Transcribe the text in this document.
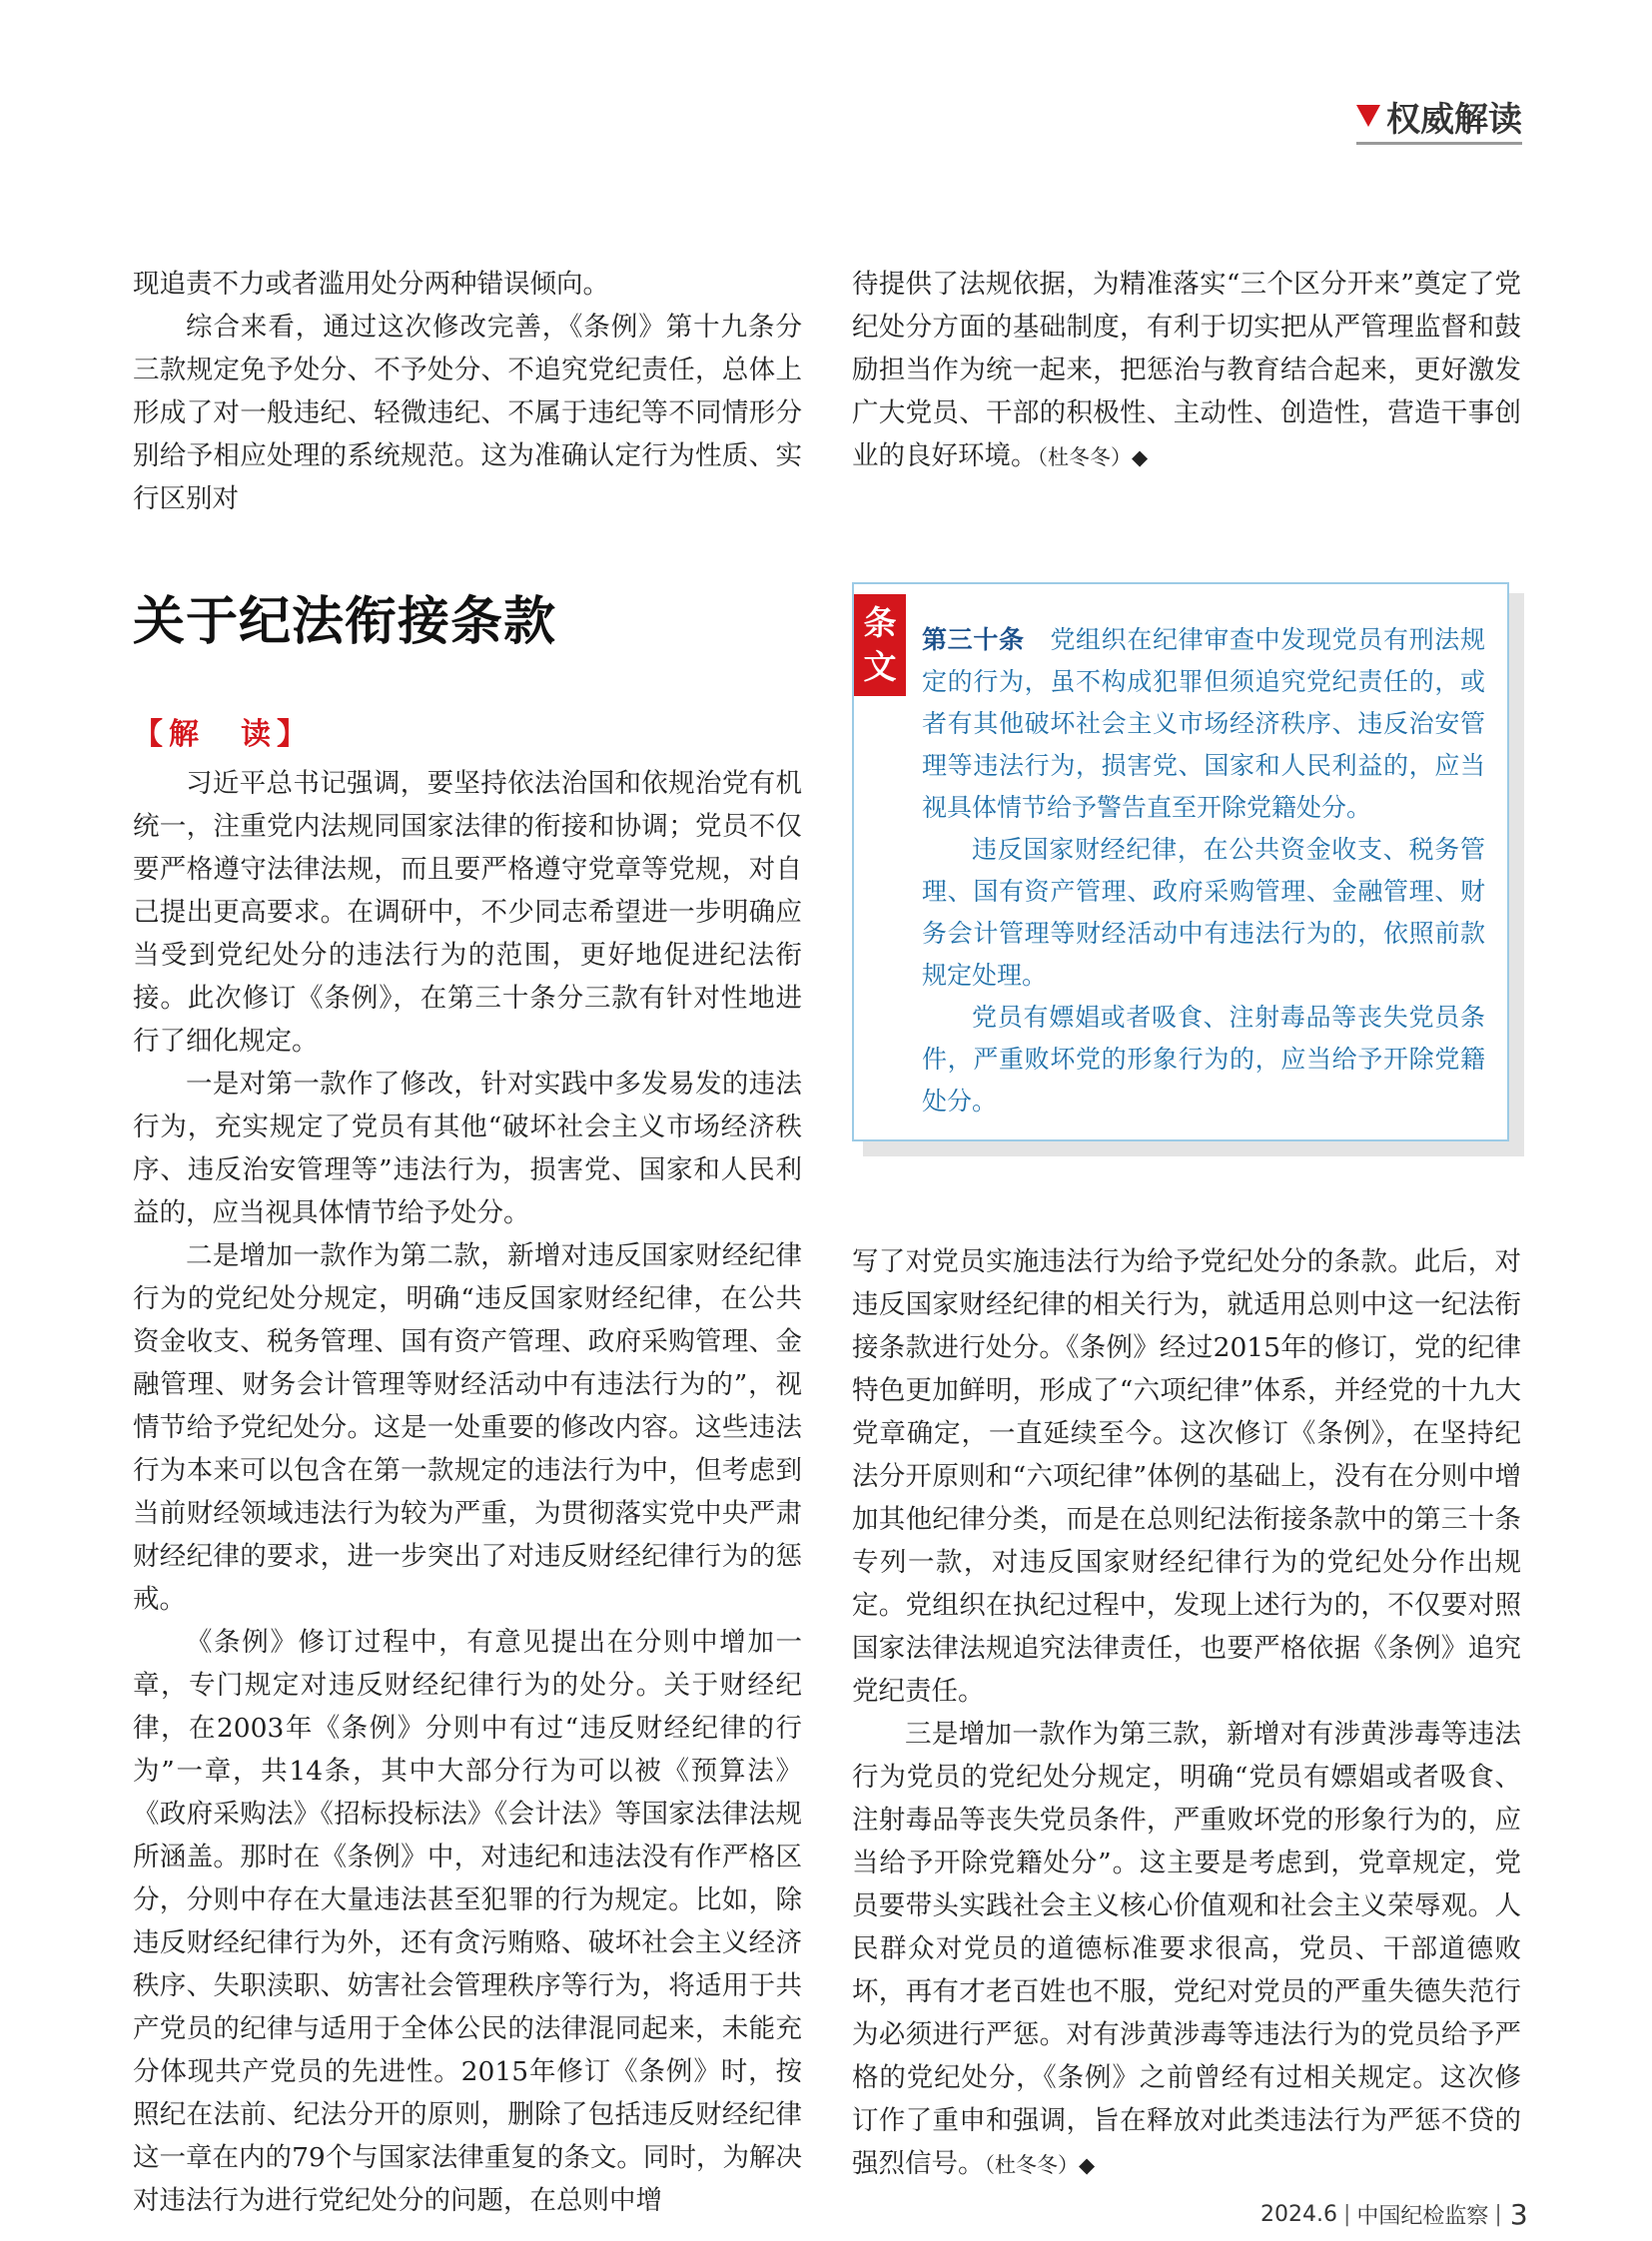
权威解读

现追责不力或者滥用处分两种错误倾向。

综合来看，通过这次修改完善，《条例》第十九条分三款规定免予处分、不予处分、不追究党纪责任，总体上形成了对一般违纪、轻微违纪、不属于违纪等不同情形分别给予相应处理的系统规范。这为准确认定行为性质、实行区别对

待提供了法规依据，为精准落实“三个区分开来”奠定了党纪处分方面的基础制度，有利于切实把从严管理监督和鼓励担当作为统一起来，把惩治与教育结合起来，更好激发广大党员、干部的积极性、主动性、创造性，营造干事创业的良好环境。（杜冬冬）◆

关于纪法衔接条款
【解　读】

习近平总书记强调，要坚持依法治国和依规治党有机统一，注重党内法规同国家法律的衔接和协调；党员不仅要严格遵守法律法规，而且要严格遵守党章等党规，对自己提出更高要求。在调研中，不少同志希望进一步明确应当受到党纪处分的违法行为的范围，更好地促进纪法衔接。此次修订《条例》，在第三十条分三款有针对性地进行了细化规定。

一是对第一款作了修改，针对实践中多发易发的违法行为，充实规定了党员有其他“破坏社会主义市场经济秩序、违反治安管理等”违法行为，损害党、国家和人民利益的，应当视具体情节给予处分。

二是增加一款作为第二款，新增对违反国家财经纪律行为的党纪处分规定，明确“违反国家财经纪律，在公共资金收支、税务管理、国有资产管理、政府采购管理、金融管理、财务会计管理等财经活动中有违法行为的”，视情节给予党纪处分。这是一处重要的修改内容。这些违法行为本来可以包含在第一款规定的违法行为中，但考虑到当前财经领域违法行为较为严重，为贯彻落实党中央严肃财经纪律的要求，进一步突出了对违反财经纪律行为的惩戒。

《条例》修订过程中，有意见提出在分则中增加一章，专门规定对违反财经纪律行为的处分。关于财经纪律，在2003年《条例》分则中有过“违反财经纪律的行为”一章，共14条，其中大部分行为可以被《预算法》《政府采购法》《招标投标法》《会计法》等国家法律法规所涵盖。那时在《条例》中，对违纪和违法没有作严格区分，分则中存在大量违法甚至犯罪的行为规定。比如，除违反财经纪律行为外，还有贪污贿赂、破坏社会主义经济秩序、失职渎职、妨害社会管理秩序等行为，将适用于共产党员的纪律与适用于全体公民的法律混同起来，未能充分体现共产党员的先进性。2015年修订《条例》时，按照纪在法前、纪法分开的原则，删除了包括违反财经纪律这一章在内的79个与国家法律重复的条文。同时，为解决对违法行为进行党纪处分的问题，在总则中增

条
文

第三十条　 党组织在纪律审查中发现党员有刑法规定的行为，虽不构成犯罪但须追究党纪责任的，或者有其他破坏社会主义市场经济秩序、违反治安管理等违法行为，损害党、国家和人民利益的，应当视具体情节给予警告直至开除党籍处分。

违反国家财经纪律，在公共资金收支、税务管理、国有资产管理、政府采购管理、金融管理、财务会计管理等财经活动中有违法行为的，依照前款规定处理。

党员有嫖娼或者吸食、注射毒品等丧失党员条件，严重败坏党的形象行为的，应当给予开除党籍处分。

写了对党员实施违法行为给予党纪处分的条款。此后，对违反国家财经纪律的相关行为，就适用总则中这一纪法衔接条款进行处分。《条例》经过2015年的修订，党的纪律特色更加鲜明，形成了“六项纪律”体系，并经党的十九大党章确定，一直延续至今。这次修订《条例》，在坚持纪法分开原则和“六项纪律”体例的基础上，没有在分则中增加其他纪律分类，而是在总则纪法衔接条款中的第三十条专列一款，对违反国家财经纪律行为的党纪处分作出规定。党组织在执纪过程中，发现上述行为的，不仅要对照国家法律法规追究法律责任，也要严格依据《条例》追究党纪责任。

三是增加一款作为第三款，新增对有涉黄涉毒等违法行为党员的党纪处分规定，明确“党员有嫖娼或者吸食、注射毒品等丧失党员条件，严重败坏党的形象行为的，应当给予开除党籍处分”。这主要是考虑到，党章规定，党员要带头实践社会主义核心价值观和社会主义荣辱观。人民群众对党员的道德标准要求很高，党员、干部道德败坏，再有才老百姓也不服，党纪对党员的严重失德失范行为必须进行严惩。对有涉黄涉毒等违法行为的党员给予严格的党纪处分，《条例》之前曾经有过相关规定。这次修订作了重申和强调，旨在释放对此类违法行为严惩不贷的强烈信号。（杜冬冬）◆

2024.6 | 中国纪检监察 | 3
